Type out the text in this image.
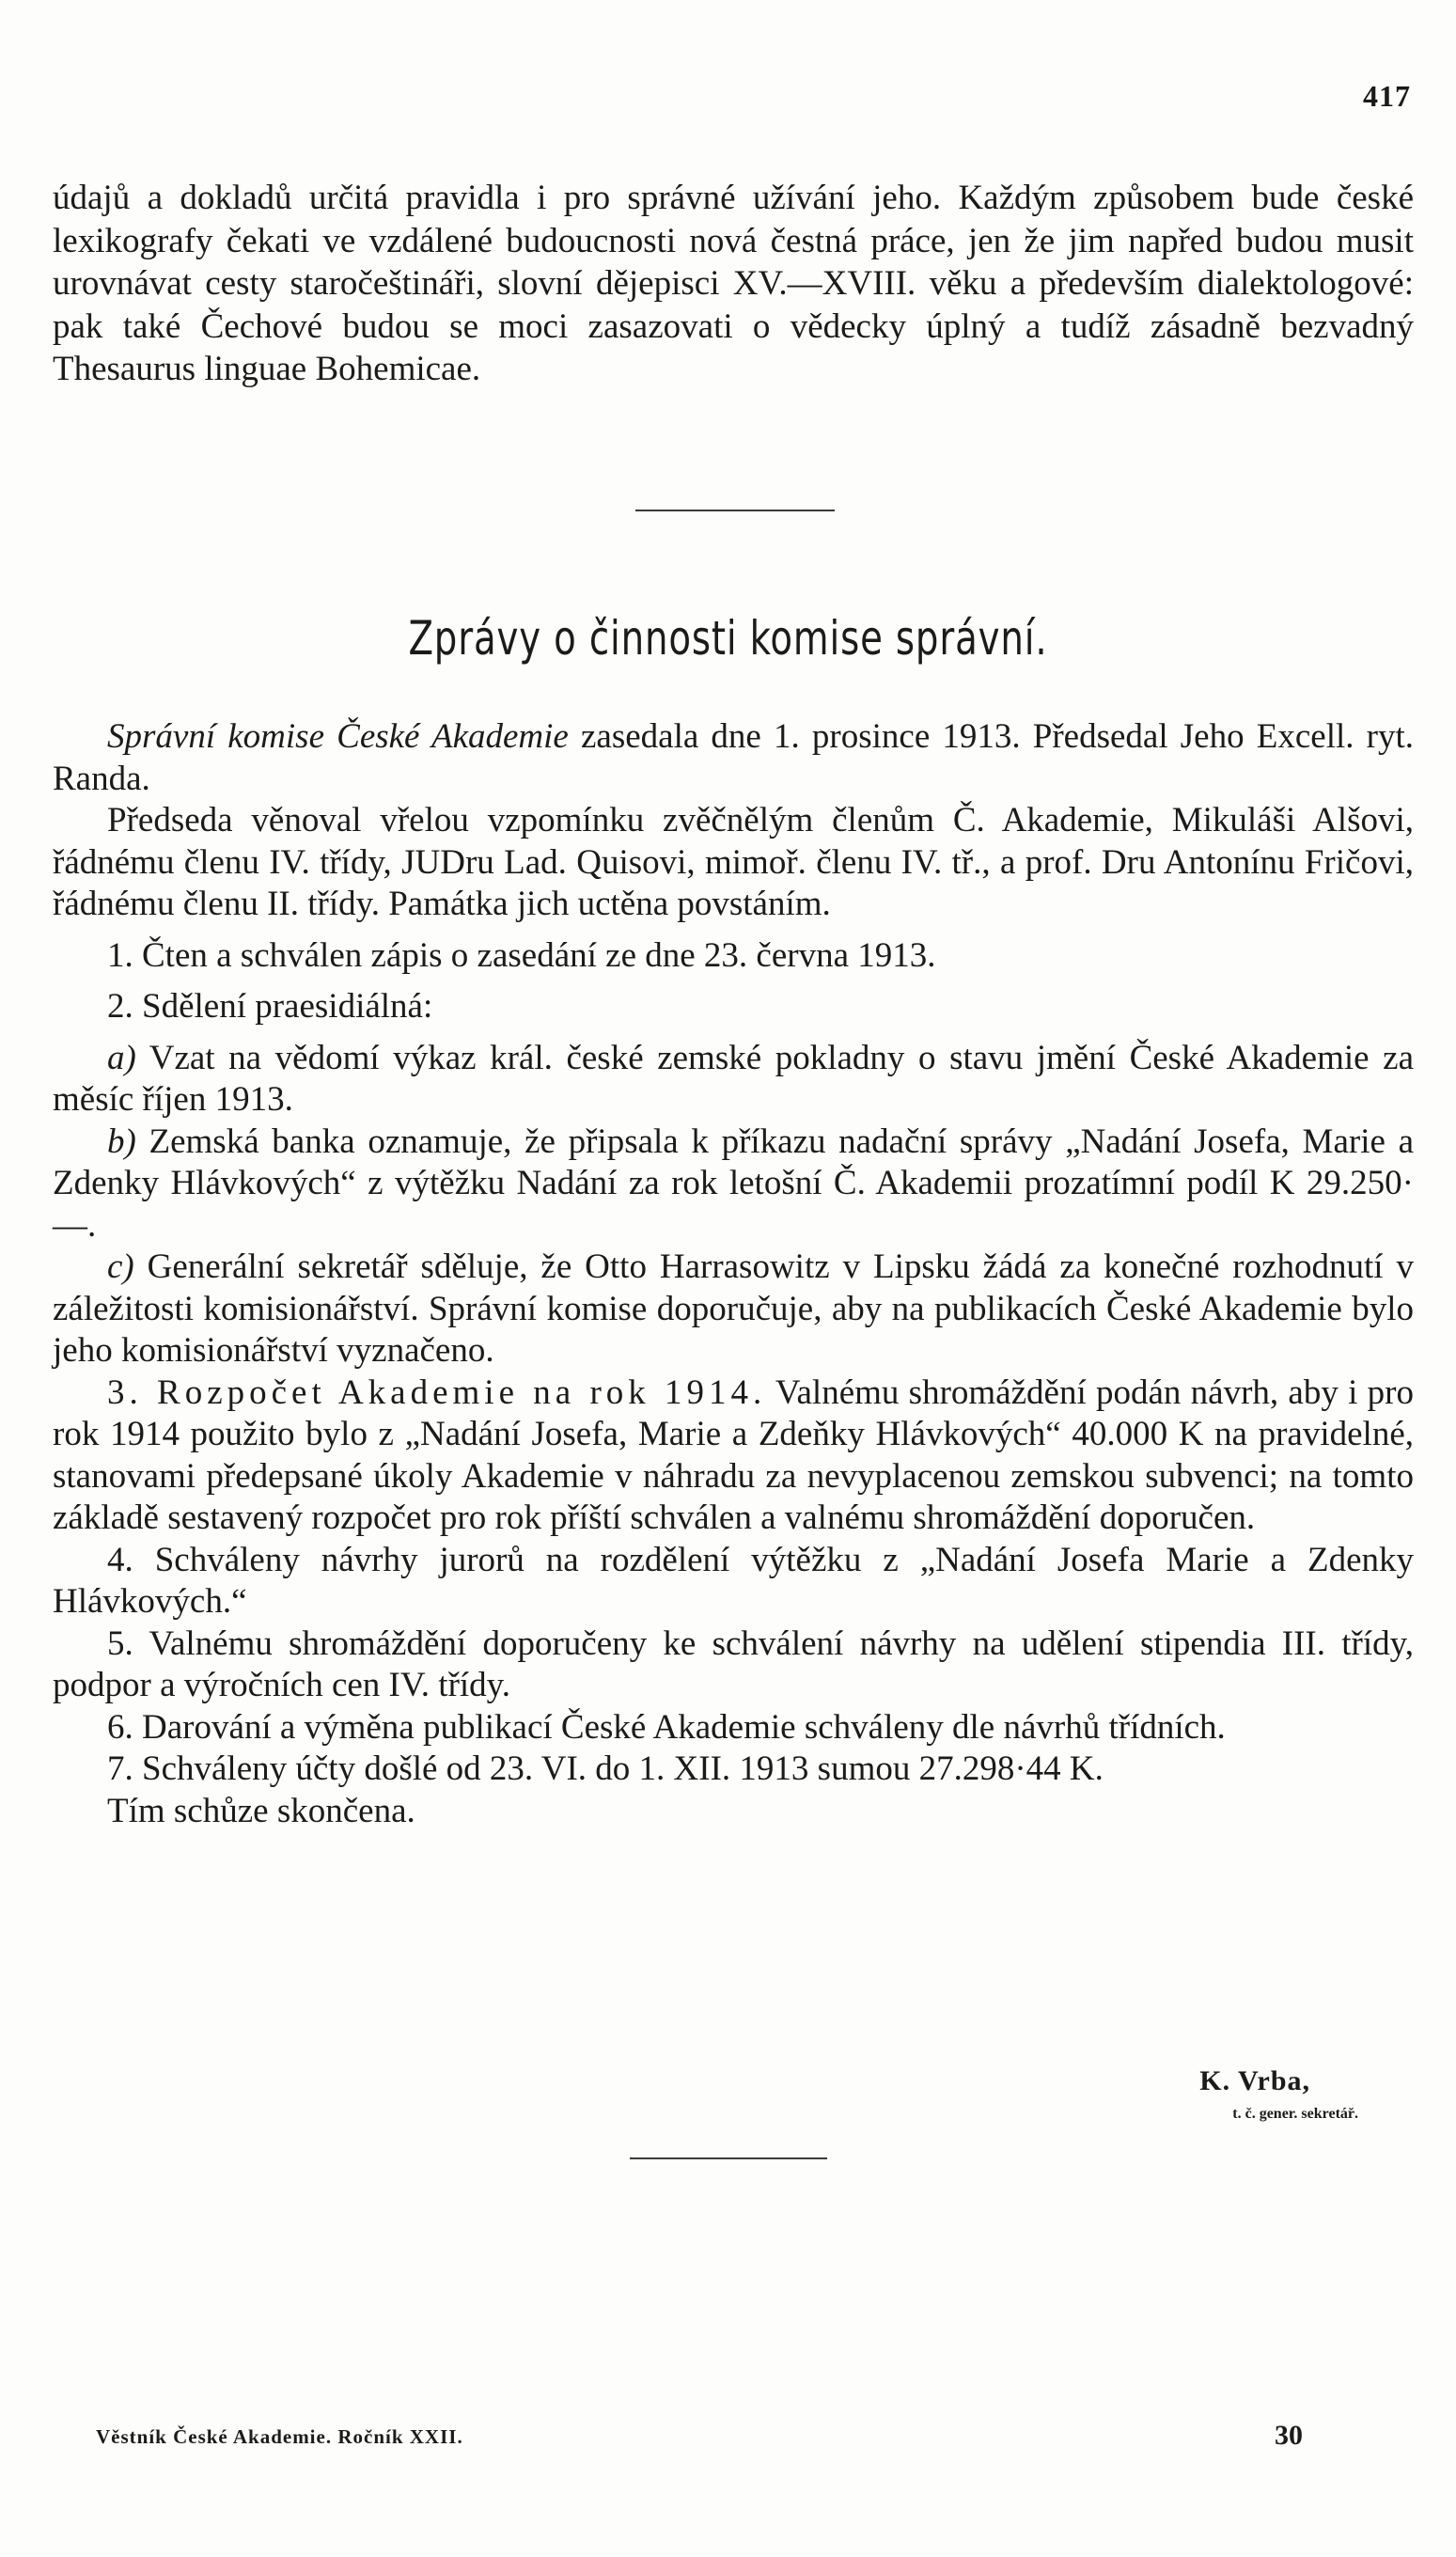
417

údajů a dokladů určitá pravidla i pro správné užívání jeho. Každým způsobem bude české lexikografy čekati ve vzdálené budoucnosti nová čestná práce, jen že jim napřed budou musit urovnávat cesty staročeštináři, slovní dějepisci XV.—XVIII. věku a především dialektologové: pak také Čechové budou se moci zasazovati o vědecky úplný a tudíž zásadně bezvadný Thesaurus linguae Bohemicae.

Zprávy o činnosti komise správní.

Správní komise České Akademie zasedala dne 1. prosince 1913. Předsedal Jeho Excell. ryt. Randa.

Předseda věnoval vřelou vzpomínku zvěčnělým členům Č. Akademie, Mikuláši Alšovi, řádnému členu IV. třídy, JUDru Lad. Quisovi, mimoř. členu IV. tř., a prof. Dru Antonínu Fričovi, řádnému členu II. třídy. Památka jich uctěna povstáním.

1. Čten a schválen zápis o zasedání ze dne 23. června 1913.

2. Sdělení praesidiálná:

a) Vzat na vědomí výkaz král. české zemské pokladny o stavu jmění České Akademie za měsíc říjen 1913.

b) Zemská banka oznamuje, že připsala k příkazu nadační správy „Nadání Josefa, Marie a Zdenky Hlávkových“ z výtěžku Nadání za rok letošní Č. Akademii prozatímní podíl K 29.250·—.

c) Generální sekretář sděluje, že Otto Harrasowitz v Lipsku žádá za konečné rozhodnutí v záležitosti komisionářství. Správní komise doporučuje, aby na publikacích České Akademie bylo jeho komisionářství vyznačeno.

3. Rozpočet Akademie na rok 1914. Valnému shromáždění podán návrh, aby i pro rok 1914 použito bylo z „Nadání Josefa, Marie a Zdeňky Hlávkových“ 40.000 K na pravidelné, stanovami předepsané úkoly Akademie v náhradu za nevyplacenou zemskou subvenci; na tomto základě sestavený rozpočet pro rok příští schválen a valnému shromáždění doporučen.

4. Schváleny návrhy jurorů na rozdělení výtěžku z „Nadání Josefa Marie a Zdenky Hlávkových.“

5. Valnému shromáždění doporučeny ke schválení návrhy na udělení stipendia III. třídy, podpor a výročních cen IV. třídy.

6. Darování a výměna publikací České Akademie schváleny dle návrhů třídních.

7. Schváleny účty došlé od 23. VI. do 1. XII. 1913 sumou 27.298·44 K.

Tím schůze skončena.

K. Vrba,
t. č. gener. sekretář.
Věstník České Akademie. Ročník XXII.	30
